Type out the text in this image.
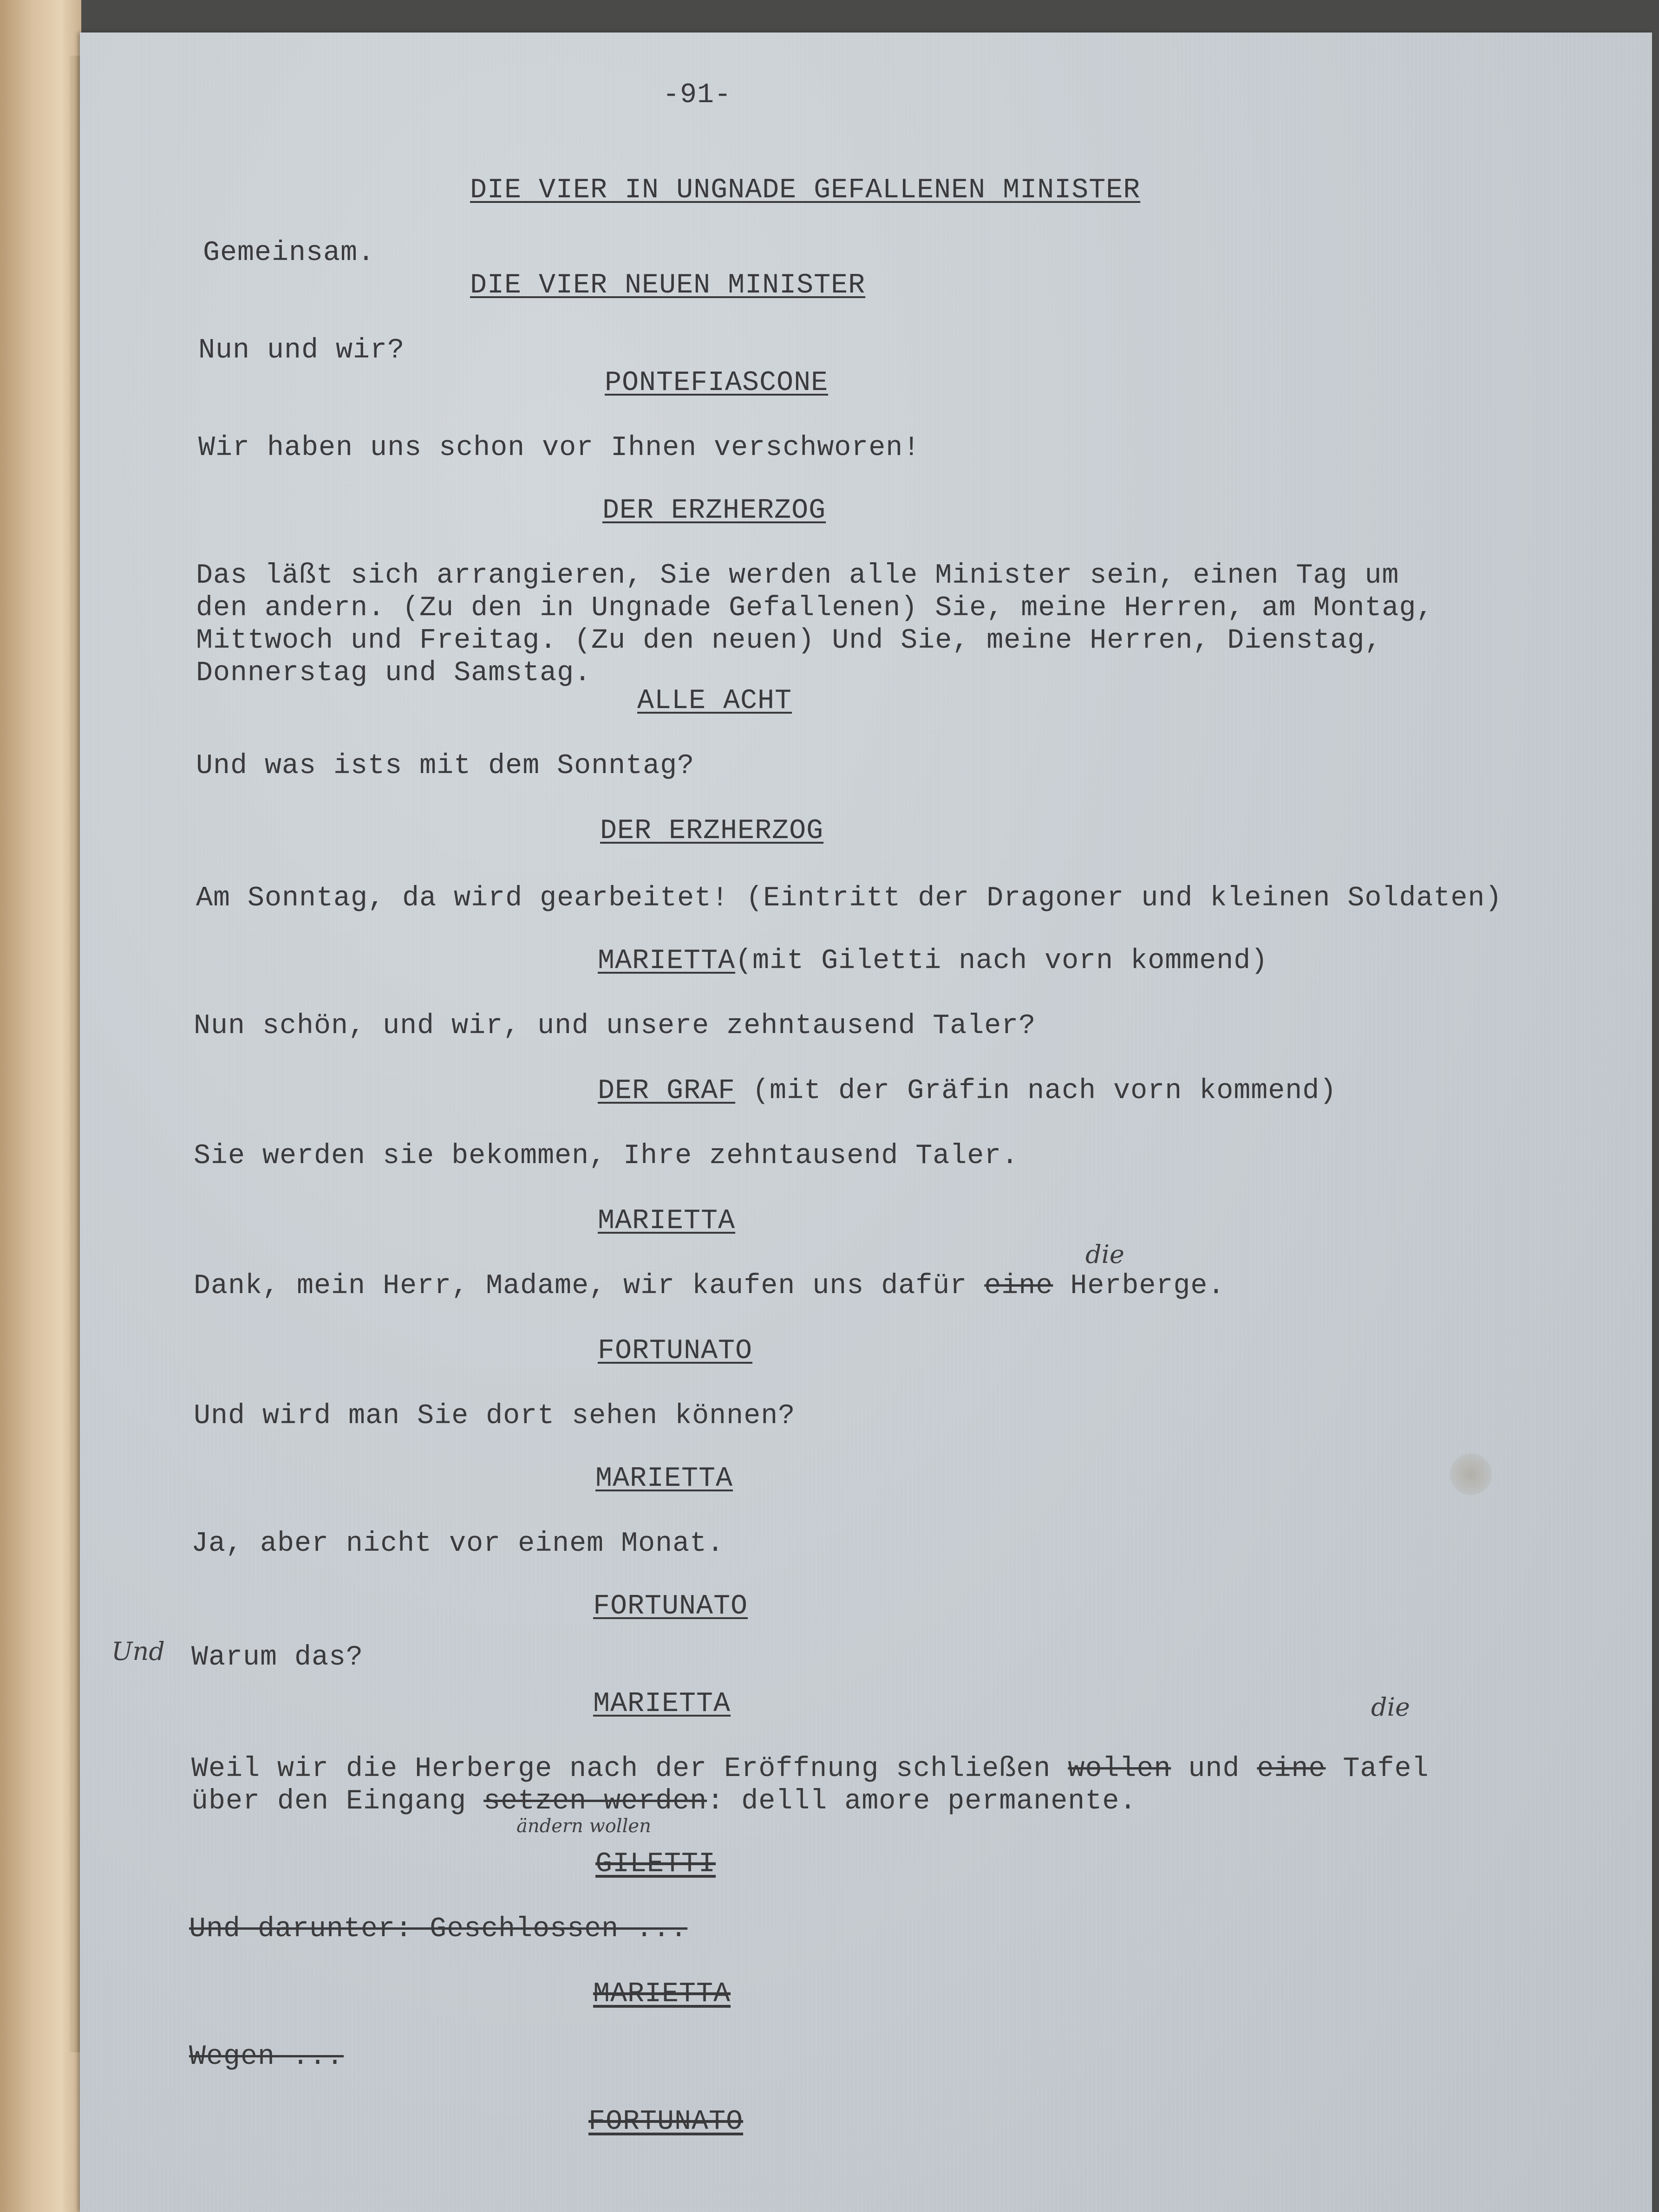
-91-

DIE VIER IN UNGNADE GEFALLENEN MINISTER

Gemeinsam.

DIE VIER NEUEN MINISTER

Nun und wir?

PONTEFIASCONE

Wir haben uns schon vor Ihnen verschworen!

DER ERZHERZOG

Das läßt sich arrangieren, Sie werden alle Minister sein, einen Tag um

den andern. (Zu den in Ungnade Gefallenen) Sie, meine Herren, am Montag,

Mittwoch und Freitag. (Zu den neuen) Und Sie, meine Herren, Dienstag,

Donnerstag und Samstag.

ALLE ACHT

Und was ists mit dem Sonntag?

DER ERZHERZOG

Am Sonntag, da wird gearbeitet! (Eintritt der Dragoner und kleinen Soldaten)

MARIETTA(mit Giletti nach vorn kommend)

Nun schön, und wir, und unsere zehntausend Taler?

DER GRAF (mit der Gräfin nach vorn kommend)

Sie werden sie bekommen, Ihre zehntausend Taler.

MARIETTA

die

Dank, mein Herr, Madame, wir kaufen uns dafür eine Herberge.

FORTUNATO

Und wird man Sie dort sehen können?

MARIETTA

Ja, aber nicht vor einem Monat.

FORTUNATO

Und Warum das?

MARIETTA	die

Weil wir die Herberge nach der Eröffnung schließen wollen und eine Tafel

über den Eingang setzen werden: delll amore permanente.

ändern wollen

GILETTI

Und darunter: Geschlossen ...

MARIETTA

Wegen ...

FORTUNATO
